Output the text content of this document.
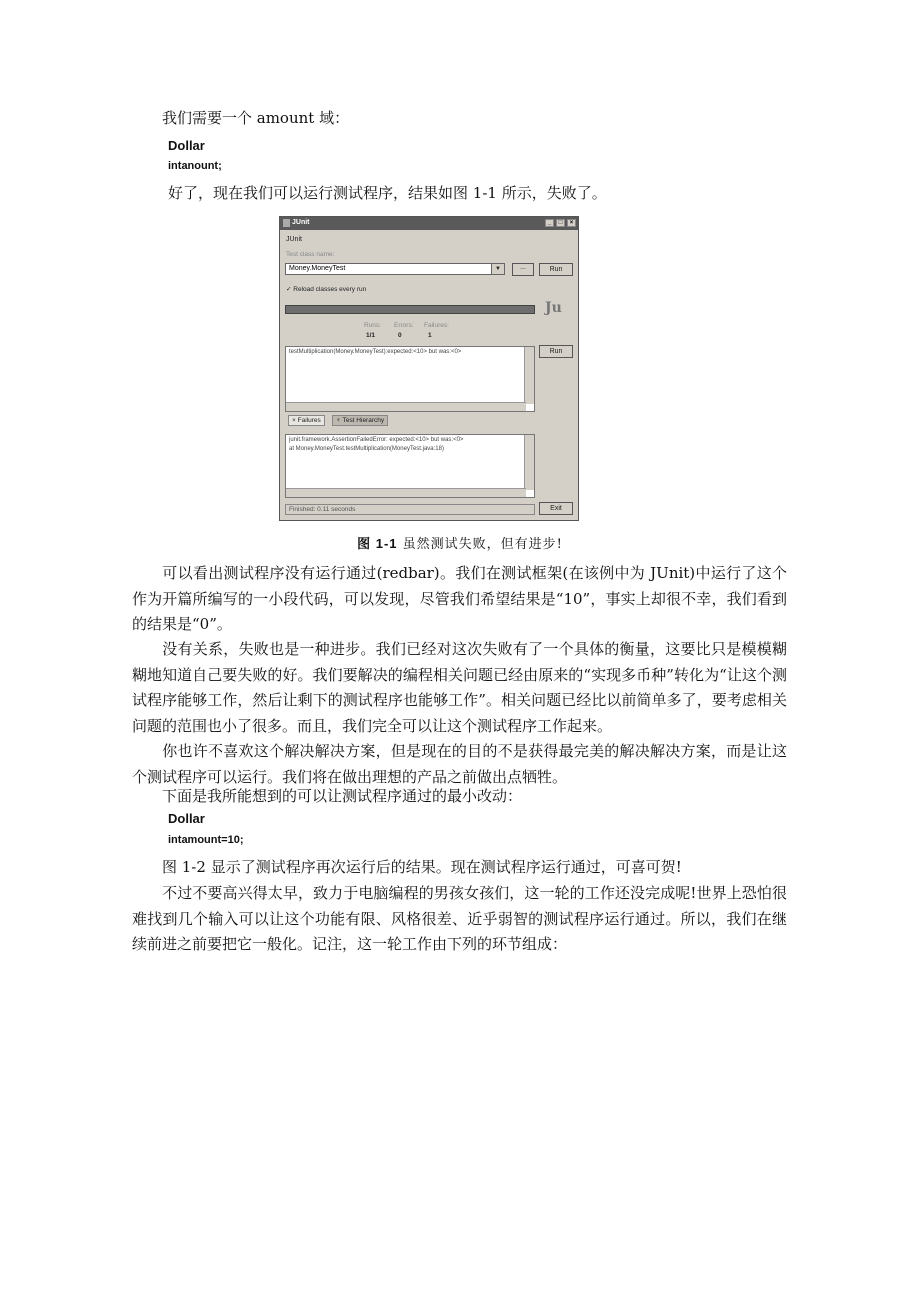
我们需要一个 amount 域：
Dollar
intanount;
好了，现在我们可以运行测试程序，结果如图 1-1 所示，失败了。
JUnit	_	□	×
JUnit
Test class name:
Money.MoneyTest	▼	...	Run
✓ Reload classes every run
Ju
Runs:
1/1
Errors:
0
Failures:
1
testMultiplication(Money.MoneyTest):expected:<10> but was:<0>	Run
× Failures	♆ Test Hierarchy
junit.framework.AssertionFailedError: expected:<10> but was:<0>
at Money.MoneyTest.testMultiplication(MoneyTest.java:18)
Finished: 0.11 seconds	Exit
图 1-1 虽然测试失败，但有进步!
可以看出测试程序没有运行通过(redbar)。我们在测试框架(在该例中为 JUnit)中运行了这个作为开篇所编写的一小段代码，可以发现，尽管我们希望结果是“10”，事实上却很不幸，我们看到的结果是“0”。
没有关系，失败也是一种进步。我们已经对这次失败有了一个具体的衡量，这要比只是模模糊糊地知道自己要失败的好。我们要解决的编程相关问题已经由原来的“实现多币种”转化为“让这个测试程序能够工作，然后让剩下的测试程序也能够工作”。相关问题已经比以前简单多了，要考虑相关问题的范围也小了很多。而且，我们完全可以让这个测试程序工作起来。
你也许不喜欢这个解决解决方案，但是现在的目的不是获得最完美的解决解决方案，而是让这个测试程序可以运行。我们将在做出理想的产品之前做出点牺牲。
下面是我所能想到的可以让测试程序通过的最小改动：
Dollar
intamount=10;
图 1-2 显示了测试程序再次运行后的结果。现在测试程序运行通过，可喜可贺!
不过不要高兴得太早，致力于电脑编程的男孩女孩们，这一轮的工作还没完成呢!世界上恐怕很难找到几个输入可以让这个功能有限、风格很差、近乎弱智的测试程序运行通过。所以，我们在继续前进之前要把它一般化。记注，这一轮工作由下列的环节组成：
